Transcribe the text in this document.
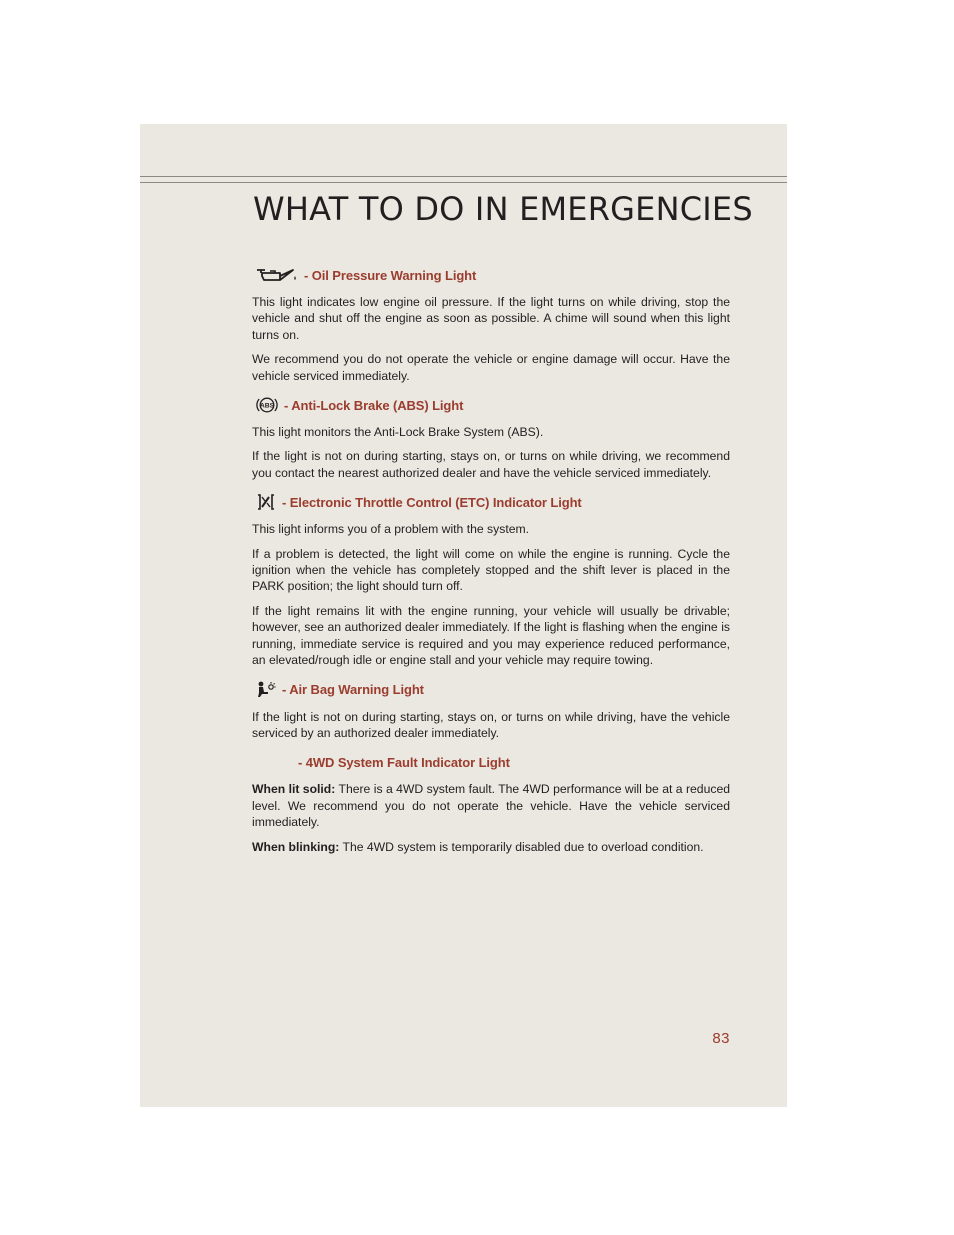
WHAT TO DO IN EMERGENCIES
- Oil Pressure Warning Light

This light indicates low engine oil pressure. If the light turns on while driving, stop the vehicle and shut off the engine as soon as possible. A chime will sound when this light turns on.

We recommend you do not operate the vehicle or engine damage will occur. Have the vehicle serviced immediately.

ABS - Anti-Lock Brake (ABS) Light

This light monitors the Anti-Lock Brake System (ABS).

If the light is not on during starting, stays on, or turns on while driving, we recommend you contact the nearest authorized dealer and have the vehicle serviced immediately.

- Electronic Throttle Control (ETC) Indicator Light

This light informs you of a problem with the system.

If a problem is detected, the light will come on while the engine is running. Cycle the ignition when the vehicle has completely stopped and the shift lever is placed in the PARK position; the light should turn off.

If the light remains lit with the engine running, your vehicle will usually be drivable; however, see an authorized dealer immediately. If the light is flashing when the engine is running, immediate service is required and you may experience reduced performance, an elevated/rough idle or engine stall and your vehicle may require towing.

- Air Bag Warning Light

If the light is not on during starting, stays on, or turns on while driving, have the vehicle serviced by an authorized dealer immediately.

- 4WD System Fault Indicator Light

When lit solid: There is a 4WD system fault. The 4WD performance will be at a reduced level. We recommend you do not operate the vehicle. Have the vehicle serviced immediately.

When blinking: The 4WD system is temporarily disabled due to overload condition.

83
